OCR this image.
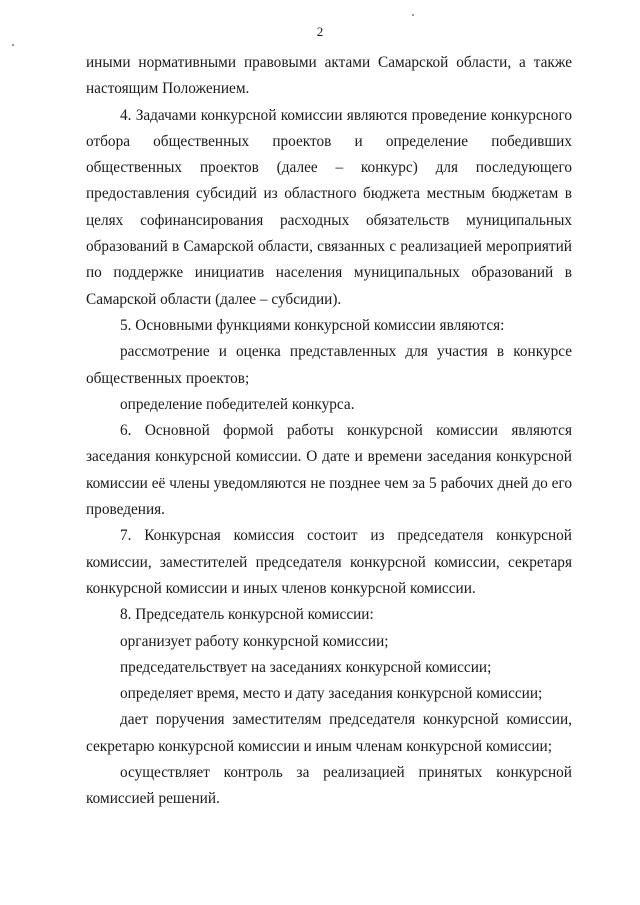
2

иными нормативными правовыми актами Самарской области, а также настоящим Положением.

4. Задачами конкурсной комиссии являются проведение конкурсного отбора общественных проектов и определение победивших общественных проектов (далее – конкурс) для последующего предоставления субсидий из областного бюджета местным бюджетам в целях софинансирования расходных обязательств муниципальных образований в Самарской области, связанных с реализацией мероприятий по поддержке инициатив населения муниципальных образований в Самарской области (далее – субсидии).

5. Основными функциями конкурсной комиссии являются:

рассмотрение и оценка представленных для участия в конкурсе общественных проектов;

определение победителей конкурса.

6. Основной формой работы конкурсной комиссии являются заседания конкурсной комиссии. О дате и времени заседания конкурсной комиссии её члены уведомляются не позднее чем за 5 рабочих дней до его проведения.

7. Конкурсная комиссия состоит из председателя конкурсной комиссии, заместителей председателя конкурсной комиссии, секретаря конкурсной комиссии и иных членов конкурсной комиссии.

8. Председатель конкурсной комиссии:

организует работу конкурсной комиссии;

председательствует на заседаниях конкурсной комиссии;

определяет время, место и дату заседания конкурсной комиссии;

дает поручения заместителям председателя конкурсной комиссии, секретарю конкурсной комиссии и иным членам конкурсной комиссии;

осуществляет контроль за реализацией принятых конкурсной комиссией решений.
